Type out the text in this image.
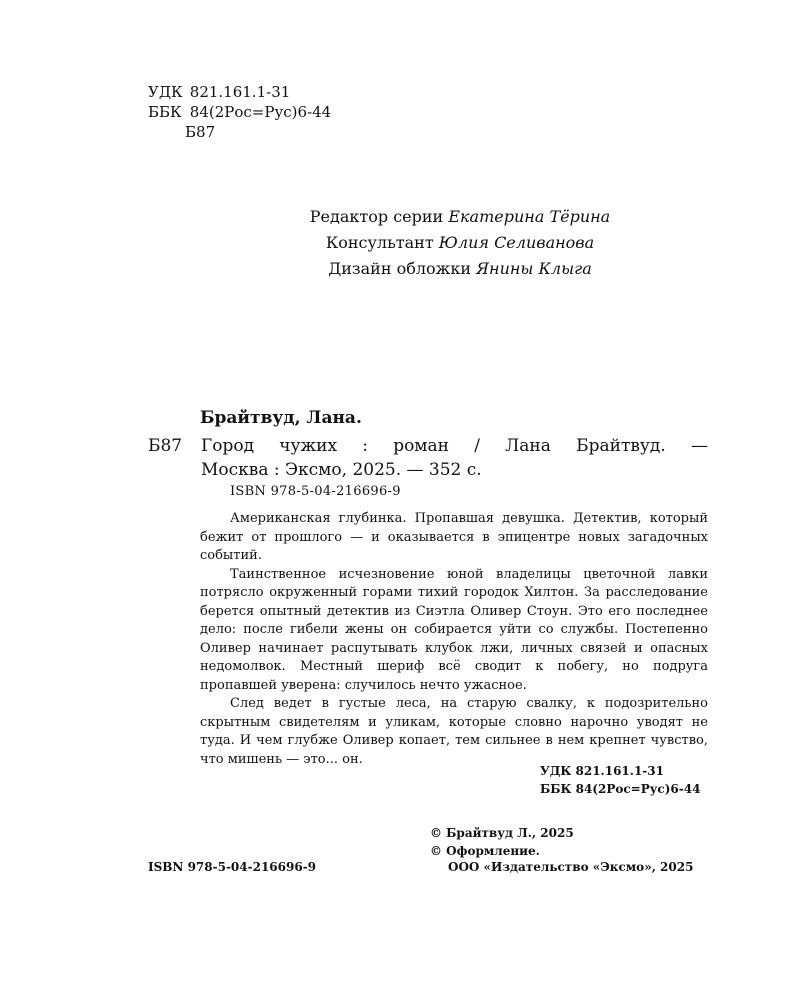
УДК 821.161.1-31
ББК 84(2Рос=Рус)6-44
Б87
Редактор серии Екатерина Тёрина
Консультант Юлия Селиванова
Дизайн обложки Янины Клыга
Брайтвуд, Лана.
Б87 Город чужих : роман / Лана Брайтвуд. —
Москва : Эксмо, 2025. — 352 с.
ISBN 978-5-04-216696-9

Американская глубинка. Пропавшая девушка. Детектив, который бежит от прошлого — и оказывается в эпицентре новых загадочных событий.

Таинственное исчезновение юной владелицы цветочной лавки потрясло окруженный горами тихий городок Хилтон. За расследование берется опытный детектив из Сиэтла Оливер Стоун. Это его последнее дело: после гибели жены он собирается уйти со службы. Постепенно Оливер начинает распутывать клубок лжи, личных связей и опасных недомолвок. Местный шериф всё сводит к побегу, но подруга пропавшей уверена: случилось нечто ужасное.

След ведет в густые леса, на старую свалку, к подозрительно скрытным свидетелям и уликам, которые словно нарочно уводят не туда. И чем глубже Оливер копает, тем сильнее в нем крепнет чувство, что мишень — это... он.

УДК 821.161.1-31
ББК 84(2Рос=Рус)6-44
© Брайтвуд Л., 2025
© Оформление.
ISBN 978-5-04-216696-9	ООО «Издательство «Эксмо», 2025
